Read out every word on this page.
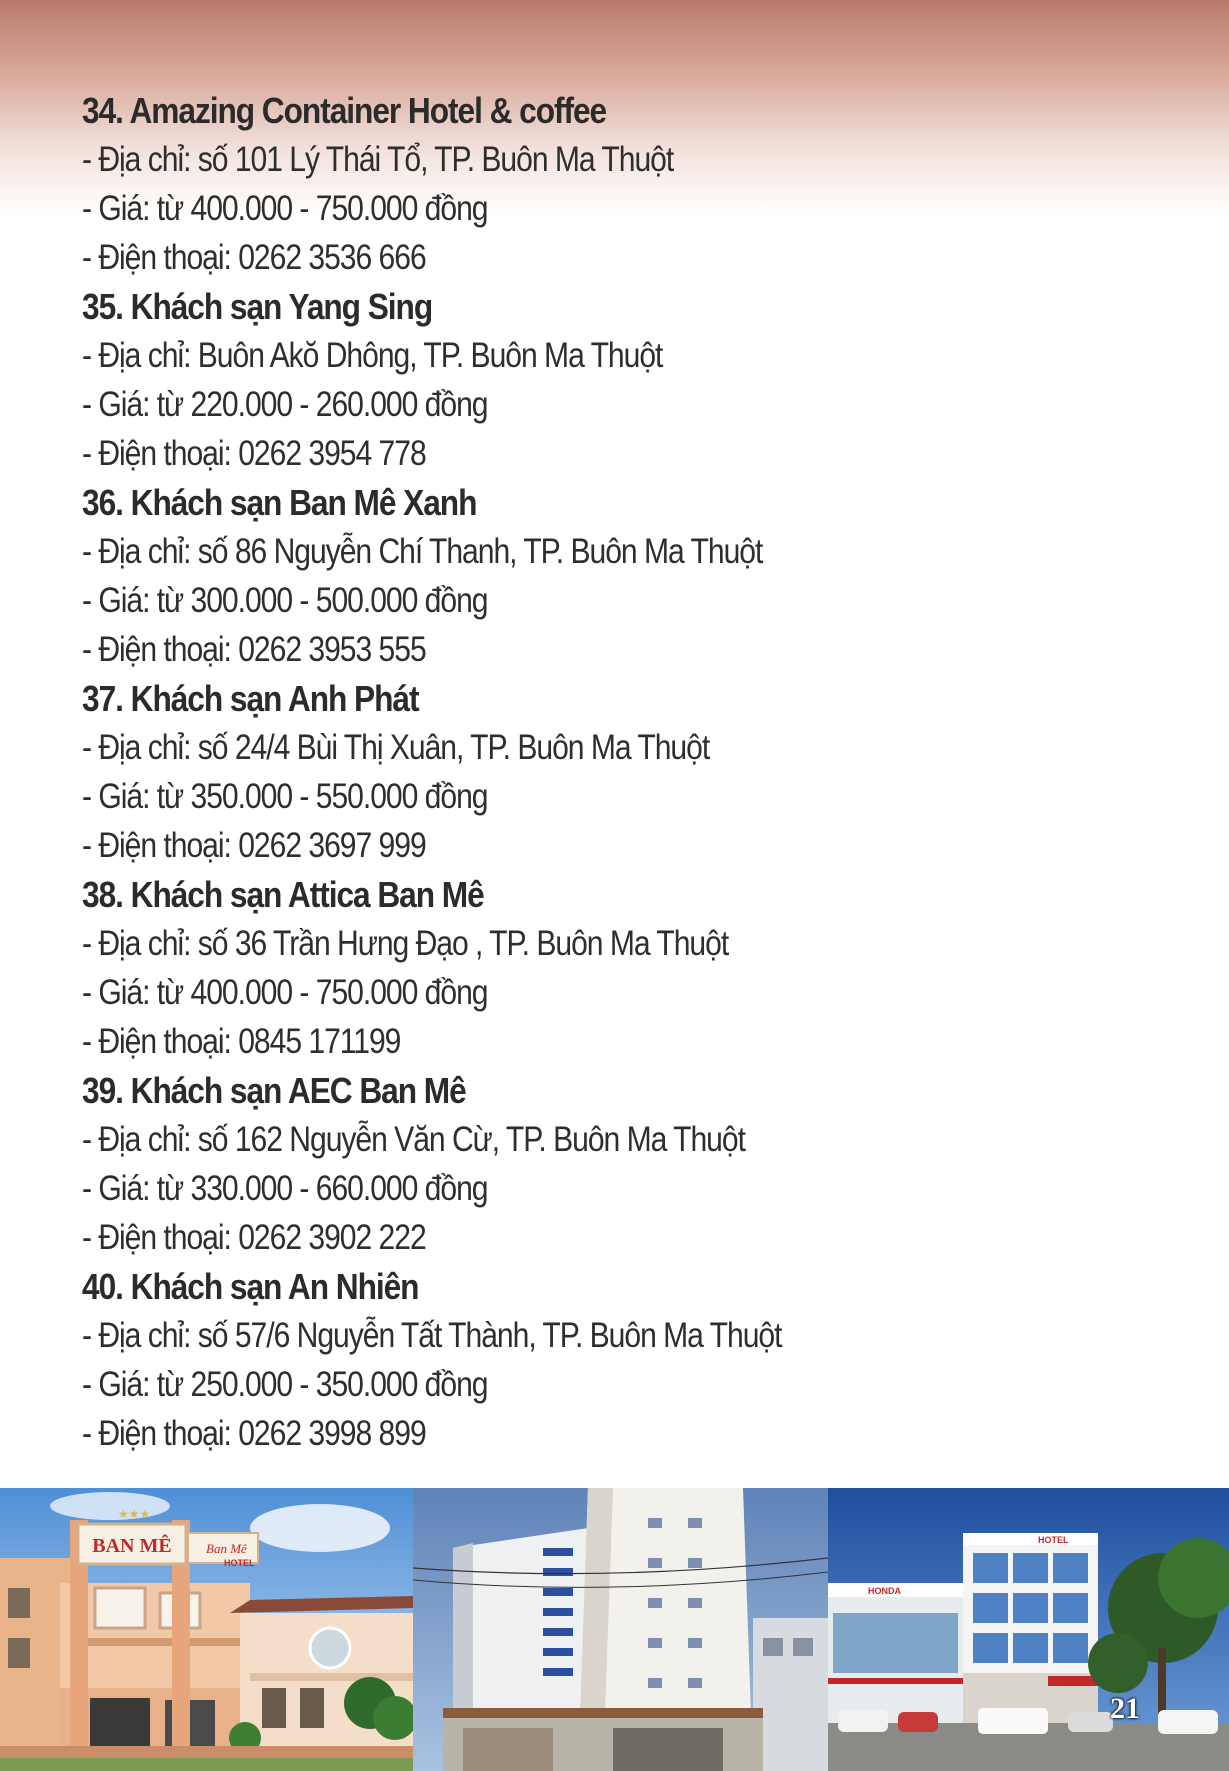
34. Amazing Container Hotel & coffee
- Địa chỉ: số 101 Lý Thái Tổ, TP. Buôn Ma Thuột
- Giá: từ 400.000 - 750.000 đồng
- Điện thoại: 0262 3536 666
35. Khách sạn Yang Sing
- Địa chỉ: Buôn Akŏ Dhông, TP. Buôn Ma Thuột
- Giá: từ 220.000 - 260.000 đồng
- Điện thoại: 0262 3954 778
36. Khách sạn Ban Mê Xanh
- Địa chỉ: số 86 Nguyễn Chí Thanh, TP. Buôn Ma Thuột
- Giá: từ 300.000 - 500.000 đồng
- Điện thoại: 0262 3953 555
37. Khách sạn Anh Phát
- Địa chỉ: số 24/4 Bùi Thị Xuân, TP. Buôn Ma Thuột
- Giá: từ 350.000 - 550.000 đồng
- Điện thoại: 0262 3697 999
38. Khách sạn Attica Ban Mê
- Địa chỉ: số 36 Trần Hưng Đạo , TP. Buôn Ma Thuột
- Giá: từ 400.000 - 750.000 đồng
- Điện thoại: 0845 171199
39. Khách sạn AEC Ban Mê
- Địa chỉ: số 162 Nguyễn Văn Cừ, TP. Buôn Ma Thuột
- Giá: từ 330.000 - 660.000 đồng
- Điện thoại: 0262 3902 222
40. Khách sạn An Nhiên
- Địa chỉ: số 57/6 Nguyễn Tất Thành, TP. Buôn Ma Thuột
- Giá: từ 250.000 - 350.000 đồng
- Điện thoại: 0262 3998 899
BAN MÊ	Ban Mê
HOTEL
★★★
HONDA
HOTEL
21
